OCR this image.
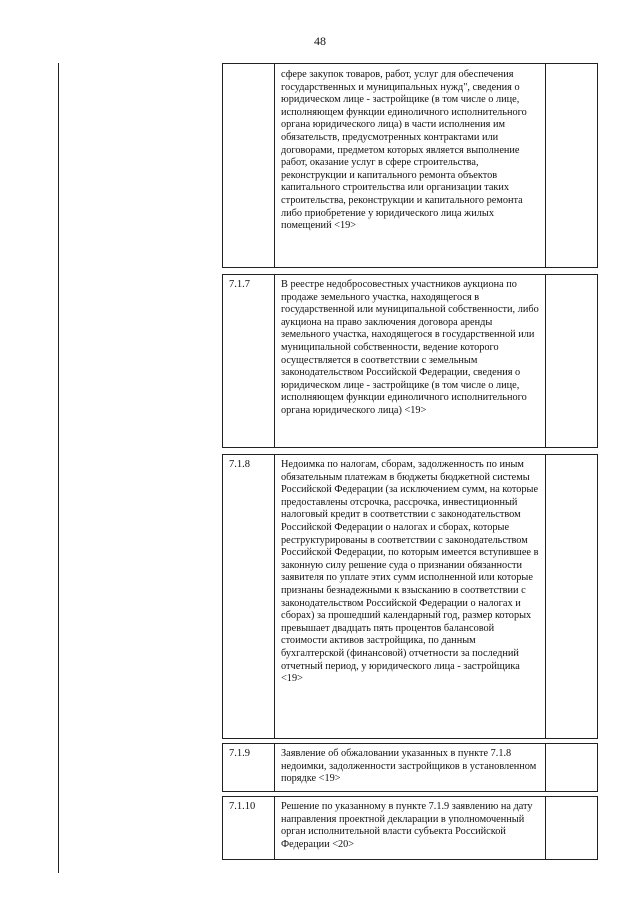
48
сфере закупок товаров, работ, услуг для обеспечения государственных и муниципальных нужд", сведения о юридическом лице - застройщике (в том числе о лице, исполняющем функции единоличного исполнительного органа юридического лица) в части исполнения им обязательств, предусмотренных контрактами или договорами, предметом которых является выполнение работ, оказание услуг в сфере строительства, реконструкции и капитального ремонта объектов капитального строительства или организации таких строительства, реконструкции и капитального ремонта либо приобретение у юридического лица жилых помещений <19>
7.1.7	В реестре недобросовестных участников аукциона по продаже земельного участка, находящегося в государственной или муниципальной собственности, либо аукциона на право заключения договора аренды земельного участка, находящегося в государственной или муниципальной собственности, ведение которого осуществляется в соответствии с земельным законодательством Российской Федерации, сведения о юридическом лице - застройщике (в том числе о лице, исполняющем функции единоличного исполнительного органа юридического лица) <19>
7.1.8	Недоимка по налогам, сборам, задолженность по иным обязательным платежам в бюджеты бюджетной системы Российской Федерации (за исключением сумм, на которые предоставлены отсрочка, рассрочка, инвестиционный налоговый кредит в соответствии с законодательством Российской Федерации о налогах и сборах, которые реструктурированы в соответствии с законодательством Российской Федерации, по которым имеется вступившее в законную силу решение суда о признании обязанности заявителя по уплате этих сумм исполненной или которые признаны безнадежными к взысканию в соответствии с законодательством Российской Федерации о налогах и сборах) за прошедший календарный год, размер которых превышает двадцать пять процентов балансовой стоимости активов застройщика, по данным бухгалтерской (финансовой) отчетности за последний отчетный период, у юридического лица - застройщика <19>
7.1.9	Заявление об обжаловании указанных в пункте 7.1.8 недоимки, задолженности застройщиков в установленном порядке <19>
7.1.10	Решение по указанному в пункте 7.1.9 заявлению на дату направления проектной декларации в уполномоченный орган исполнительной власти субъекта Российской Федерации <20>
